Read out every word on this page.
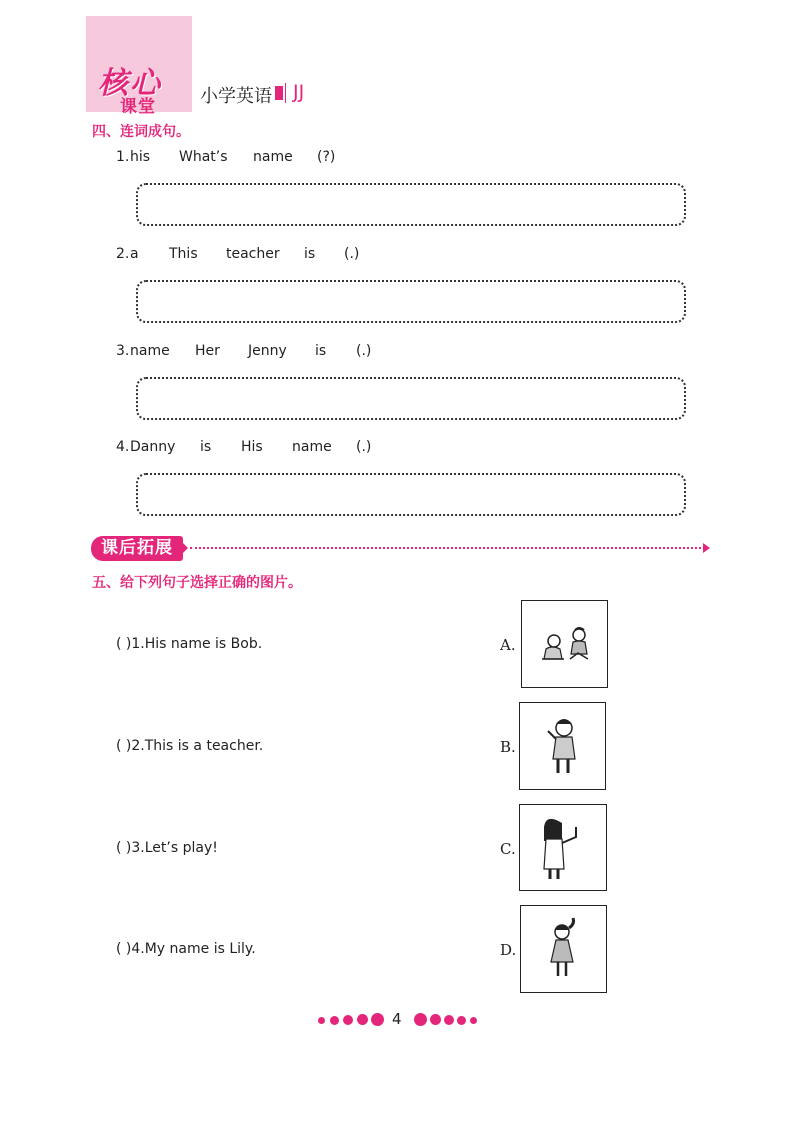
核心
课堂 小学英语 JJ
四、连词成句。
1. his What’s name (?)
2. a This teacher is (.)
3. name Her Jenny is (.)
4. Danny is His name (.)
课后拓展
五、给下列句子选择正确的图片。
( )1.His name is Bob.
( )2.This is a teacher.
( )3.Let’s play!
( )4.My name is Lily.
A.
B.
C.
D.
4
